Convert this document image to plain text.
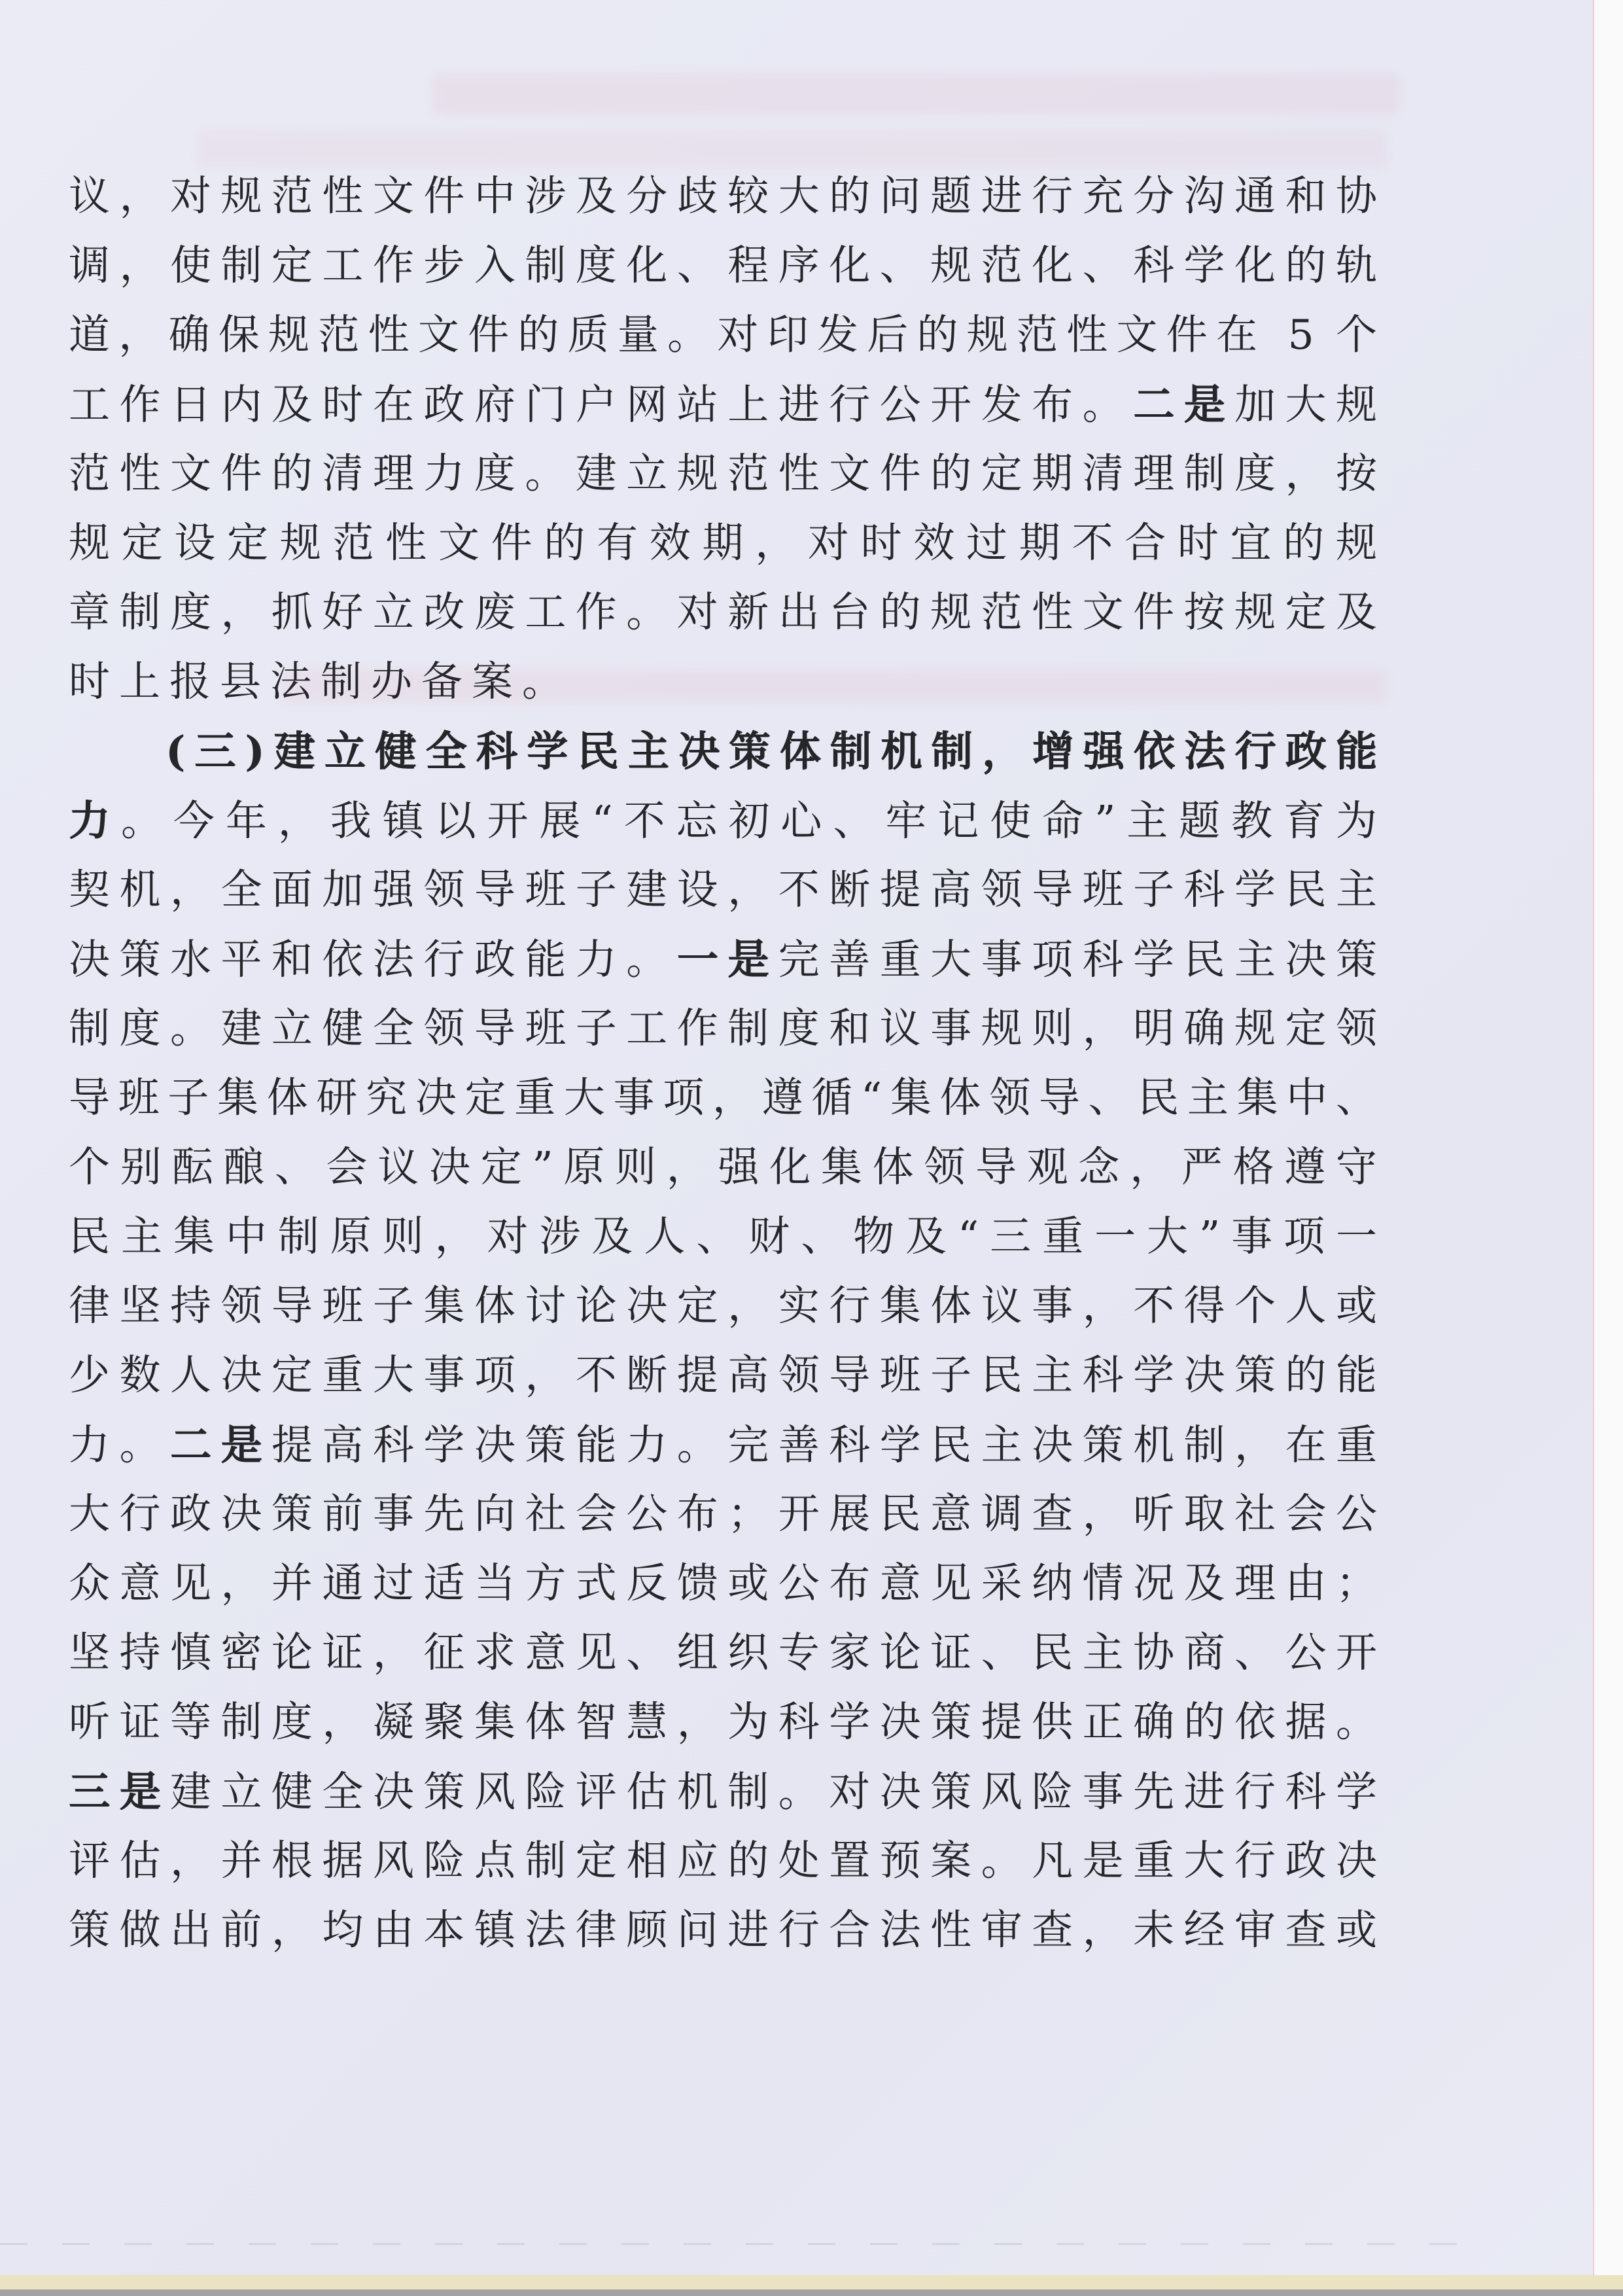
议，对规范性文件中涉及分歧较大的问题进行充分沟通和协
调，使制定工作步入制度化、程序化、规范化、科学化的轨
道，确保规范性文件的质量。对印发后的规范性文件在 5 个
工作日内及时在政府门户网站上进行公开发布。二是加大规
范性文件的清理力度。建立规范性文件的定期清理制度，按
规定设定规范性文件的有效期，对时效过期不合时宜的规
章制度，抓好立改废工作。对新出台的规范性文件按规定及
时上报县法制办备案。
(三)建立健全科学民主决策体制机制，增强依法行政能
力。今年，我镇以开展“不忘初心、牢记使命”主题教育为
契机，全面加强领导班子建设，不断提高领导班子科学民主
决策水平和依法行政能力。一是完善重大事项科学民主决策
制度。建立健全领导班子工作制度和议事规则，明确规定领
导班子集体研究决定重大事项，遵循“集体领导、民主集中、
个别酝酿、会议决定”原则，强化集体领导观念，严格遵守
民主集中制原则，对涉及人、财、物及“三重一大”事项一
律坚持领导班子集体讨论决定，实行集体议事，不得个人或
少数人决定重大事项，不断提高领导班子民主科学决策的能
力。二是提高科学决策能力。完善科学民主决策机制，在重
大行政决策前事先向社会公布；开展民意调查，听取社会公
众意见，并通过适当方式反馈或公布意见采纳情况及理由；
坚持慎密论证，征求意见、组织专家论证、民主协商、公开
听证等制度，凝聚集体智慧，为科学决策提供正确的依据。
三是建立健全决策风险评估机制。对决策风险事先进行科学
评估，并根据风险点制定相应的处置预案。凡是重大行政决
策做出前，均由本镇法律顾问进行合法性审查，未经审查或
